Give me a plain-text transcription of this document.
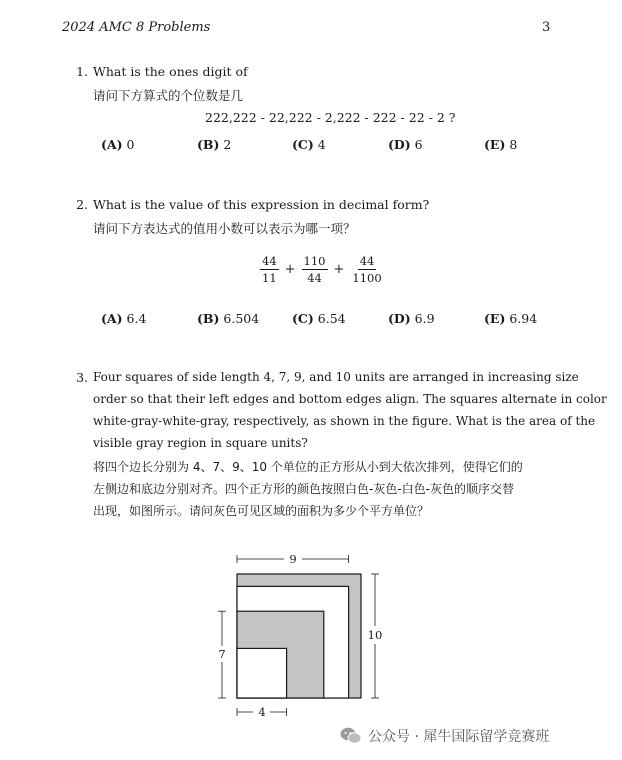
2024 AMC 8 Problems	3
1. What is the ones digit of
请问下方算式的个位数是几
222,222 - 22,222 - 2,222 - 222 - 22 - 2 ?
(A) 0	(B) 2	(C) 4	(D) 6	(E) 8
2. What is the value of this expression in decimal form?
请问下方表达式的值用小数可以表示为哪一项？
$\frac{44}{11} + \frac{110}{44} + \frac{44}{1100}$
(A) 6.4	(B) 6.504	(C) 6.54	(D) 6.9	(E) 6.94
3. Four squares of side length 4, 7, 9, and 10 units are arranged in increasing size
order so that their left edges and bottom edges align. The squares alternate in color
white-gray-white-gray, respectively, as shown in the figure. What is the area of the
visible gray region in square units?
将四个边长分别为 4、7、9、10 个单位的正方形从小到大依次排列，使得它们的
左侧边和底边分别对齐。四个正方形的颜色按照白色-灰色-白色-灰色的顺序交替
出现，如图所示。请问灰色可见区域的面积为多少个平方单位？
9
10
7
4
公众号 · 犀牛国际留学竞赛班
